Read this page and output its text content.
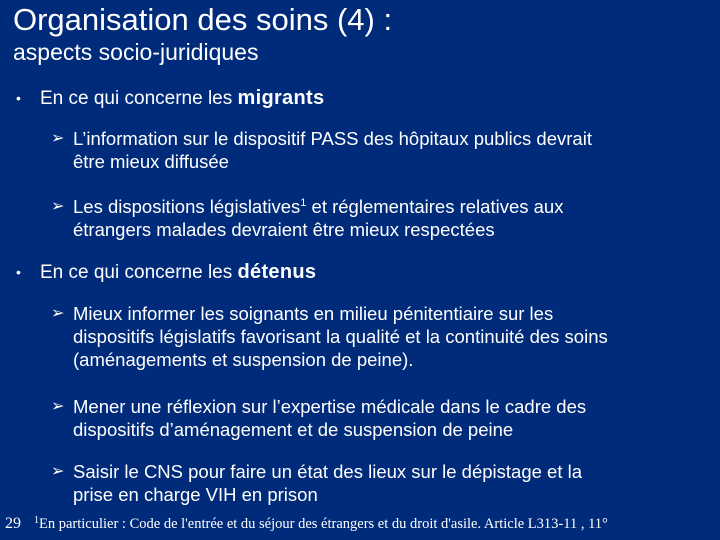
Organisation des soins (4) :
aspects socio-juridiques
• En ce qui concerne les migrants
➢ L’information sur le dispositif PASS des hôpitaux publics devrait
être mieux diffusée
➢ Les dispositions législatives$^1$ et réglementaires relatives aux
étrangers malades devraient être mieux respectées
• En ce qui concerne les détenus
➢ Mieux informer les soignants en milieu pénitentiaire sur les
dispositifs législatifs favorisant la qualité et la continuité des soins
(aménagements et suspension de peine).
➢ Mener une réflexion sur l’expertise médicale dans le cadre des
dispositifs d’aménagement et de suspension de peine
➢ Saisir le CNS pour faire un état des lieux sur le dépistage et la
prise en charge VIH en prison
29 $^1$En particulier : Code de l'entrée et du séjour des étrangers et du droit d'asile. Article L313-11 , 11°
